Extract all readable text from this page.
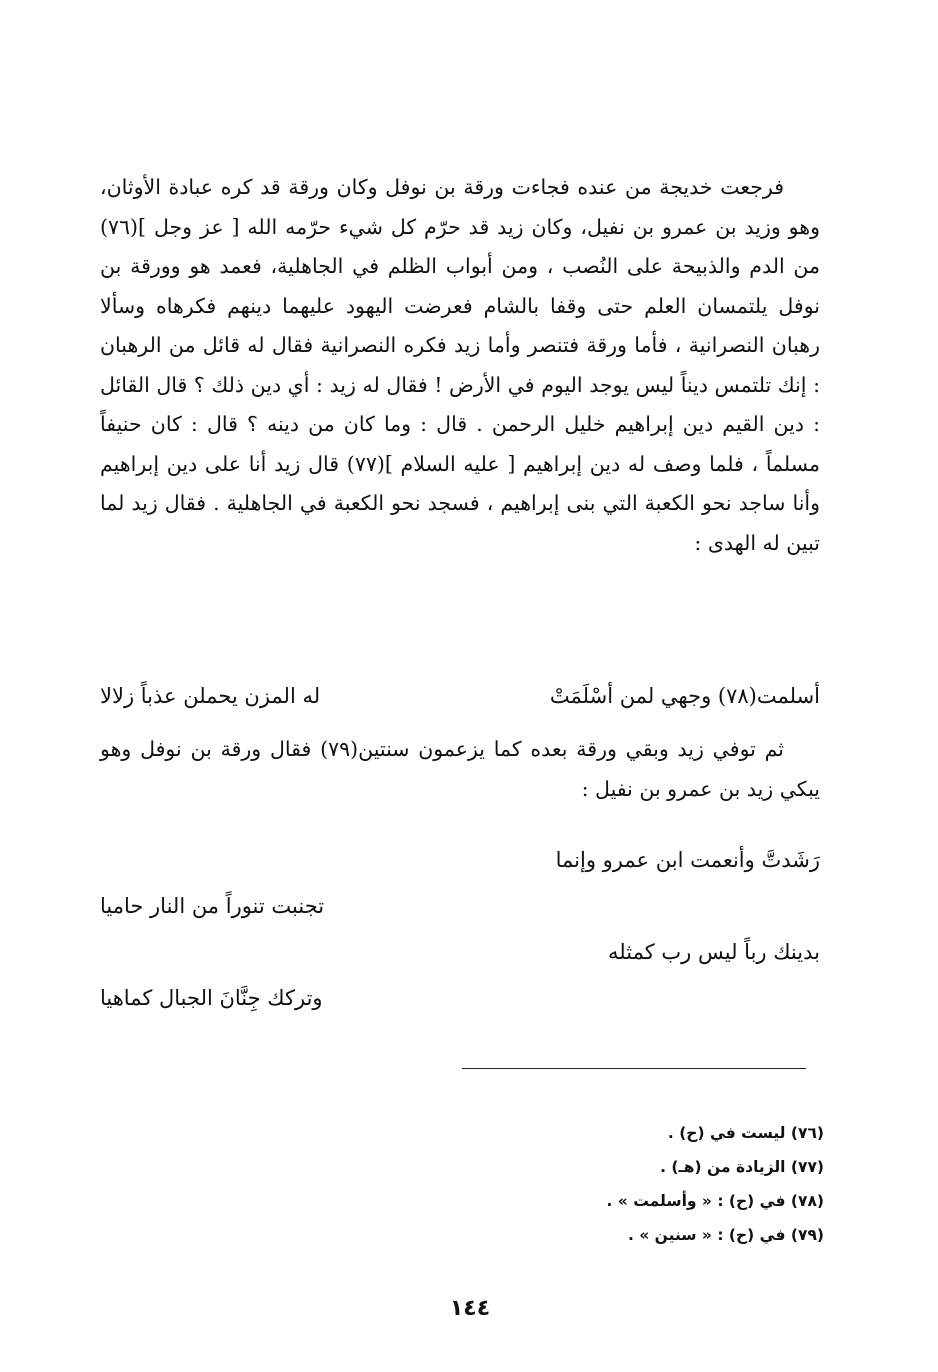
فرجعت خديجة من عنده فجاءت ورقة بن نوفل وكان ورقة قد كره عبادة الأوثان، وهو وزيد بن عمرو بن نفيل، وكان زيد قد حرّم كل شيء حرّمه الله [ عز وجل ](٧٦) من الدم والذبيحة على النُصب ، ومن أبواب الظلم في الجاهلية، فعمد هو وورقة بن نوفل يلتمسان العلم حتى وقفا بالشام فعرضت اليهود عليهما دينهم فكرهاه وسألا رهبان النصرانية ، فأما ورقة فتنصر وأما زيد فكره النصرانية فقال له قائل من الرهبان : إنك تلتمس ديناً ليس يوجد اليوم في الأرض ! فقال له زيد : أي دين ذلك ؟ قال القائل : دين القيم دين إبراهيم خليل الرحمن . قال : وما كان من دينه ؟ قال : كان حنيفاً مسلماً ، فلما وصف له دين إبراهيم [ عليه السلام ](٧٧) قال زيد أنا على دين إبراهيم وأنا ساجد نحو الكعبة التي بنى إبراهيم ، فسجد نحو الكعبة في الجاهلية . فقال زيد لما تبين له الهدى :

أسلمت(٧٨) وجهي لمن أسْلَمَتْ
له المزن يحملن عذباً زلالا

ثم توفي زيد وبقي ورقة بعده كما يزعمون سنتين(٧٩) فقال ورقة بن نوفل وهو يبكي زيد بن عمرو بن نفيل :

رَشَدتَّ وأنعمت ابن عمرو وإنما
تجنبت تنوراً من النار حاميا
بدينك رباً ليس رب كمثله
وتركك جِنَّانَ الجبال كماهيا
(٧٦) ليست في (ح) .
(٧٧) الزيادة من (هـ) .
(٧٨) في (ح) : « وأسلمت » .
(٧٩) في (ح) : « سنين » .
١٤٤
